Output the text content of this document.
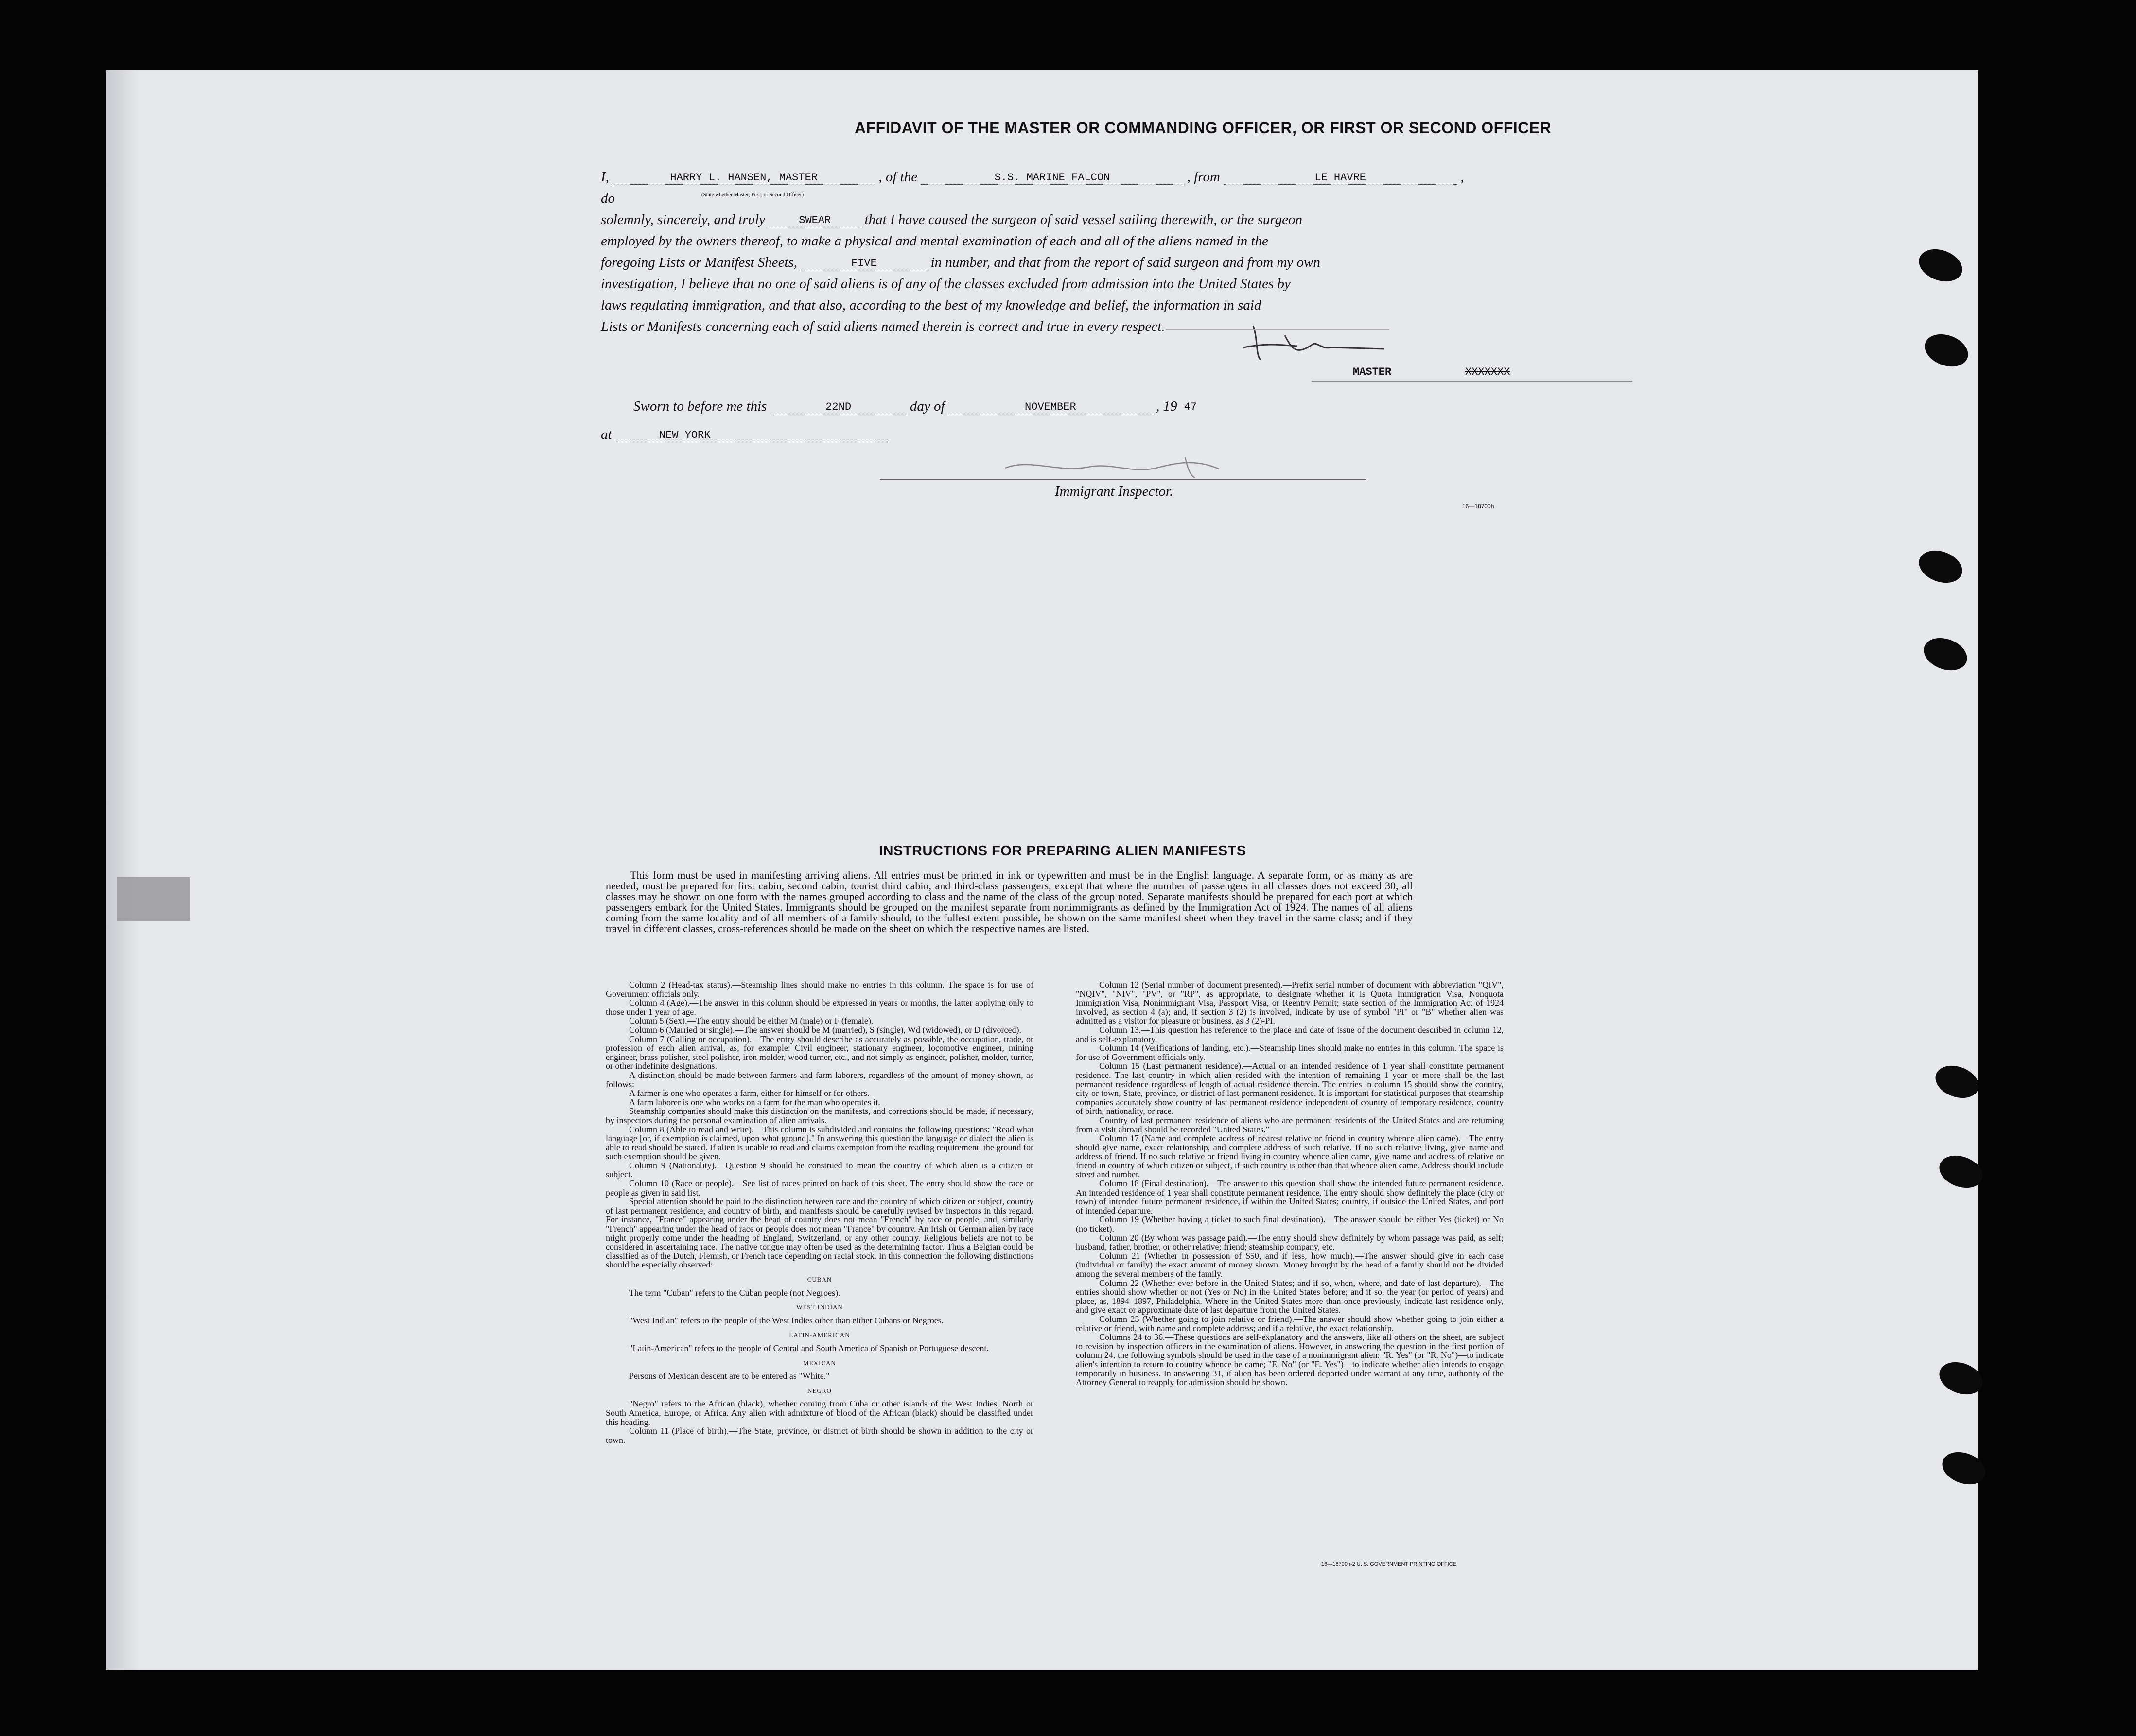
AFFIDAVIT OF THE MASTER OR COMMANDING OFFICER, OR FIRST OR SECOND OFFICER
I,	HARRY L. HANSEN, MASTER	, of the	S.S. MARINE FALCON	, from	LE HAVRE	, do
solemnly, sincerely, and truly	SWEAR that I have caused the surgeon of said vessel sailing therewith, or the surgeon
employed by the owners thereof, to make a physical and mental examination of each and all of the aliens named in the
foregoing Lists or Manifest Sheets,	FIVE	in number, and that from the report of said surgeon and from my own
investigation, I believe that no one of said aliens is of any of the classes excluded from admission into the United States by
laws regulating immigration, and that also, according to the best of my knowledge and belief, the information in said
Lists or Manifests concerning each of said aliens named therein is correct and true in every respect.
(State whether Master, First, or Second Officer)
MASTER	XXXXXXX
Sworn to before me this	22ND	day of	NOVEMBER	, 19 47
at	NEW YORK
Immigrant Inspector.
16—18700h
INSTRUCTIONS FOR PREPARING ALIEN MANIFESTS
This form must be used in manifesting arriving aliens. All entries must be printed in ink or typewritten and must be in the English language. A separate form, or as many as are needed, must be prepared for first cabin, second cabin, tourist third cabin, and third-class passengers, except that where the number of passengers in all classes does not exceed 30, all classes may be shown on one form with the names grouped according to class and the name of the class of the group noted. Separate manifests should be prepared for each port at which passengers embark for the United States. Immigrants should be grouped on the manifest separate from nonimmigrants as defined by the Immigration Act of 1924. The names of all aliens coming from the same locality and of all members of a family should, to the fullest extent possible, be shown on the same manifest sheet when they travel in the same class; and if they travel in different classes, cross-references should be made on the sheet on which the respective names are listed.

Column 2 (Head-tax status).—Steamship lines should make no entries in this column. The space is for use of Government officials only.

Column 4 (Age).—The answer in this column should be expressed in years or months, the latter applying only to those under 1 year of age.

Column 5 (Sex).—The entry should be either M (male) or F (female).

Column 6 (Married or single).—The answer should be M (married), S (single), Wd (widowed), or D (divorced).

Column 7 (Calling or occupation).—The entry should describe as accurately as possible, the occupation, trade, or profession of each alien arrival, as, for example: Civil engineer, stationary engineer, locomotive engineer, mining engineer, brass polisher, steel polisher, iron molder, wood turner, etc., and not simply as engineer, polisher, molder, turner, or other indefinite designations.

A distinction should be made between farmers and farm laborers, regardless of the amount of money shown, as follows:

A farmer is one who operates a farm, either for himself or for others.

A farm laborer is one who works on a farm for the man who operates it.

Steamship companies should make this distinction on the manifests, and corrections should be made, if necessary, by inspectors during the personal examination of alien arrivals.

Column 8 (Able to read and write).—This column is subdivided and contains the following questions: "Read what language [or, if exemption is claimed, upon what ground]." In answering this question the language or dialect the alien is able to read should be stated. If alien is unable to read and claims exemption from the reading requirement, the ground for such exemption should be given.

Column 9 (Nationality).—Question 9 should be construed to mean the country of which alien is a citizen or subject.

Column 10 (Race or people).—See list of races printed on back of this sheet. The entry should show the race or people as given in said list.

Special attention should be paid to the distinction between race and the country of which citizen or subject, country of last permanent residence, and country of birth, and manifests should be carefully revised by inspectors in this regard. For instance, "France" appearing under the head of country does not mean "French" by race or people, and, similarly "French" appearing under the head of race or people does not mean "France" by country. An Irish or German alien by race might properly come under the heading of England, Switzerland, or any other country. Religious beliefs are not to be considered in ascertaining race. The native tongue may often be used as the determining factor. Thus a Belgian could be classified as of the Dutch, Flemish, or French race depending on racial stock. In this connection the following distinctions should be especially observed:

CUBAN

The term "Cuban" refers to the Cuban people (not Negroes).

WEST INDIAN

"West Indian" refers to the people of the West Indies other than either Cubans or Negroes.

LATIN-AMERICAN

"Latin-American" refers to the people of Central and South America of Spanish or Portuguese descent.

MEXICAN

Persons of Mexican descent are to be entered as "White."

NEGRO

"Negro" refers to the African (black), whether coming from Cuba or other islands of the West Indies, North or South America, Europe, or Africa. Any alien with admixture of blood of the African (black) should be classified under this heading.

Column 11 (Place of birth).—The State, province, or district of birth should be shown in addition to the city or town.

Column 12 (Serial number of document presented).—Prefix serial number of document with abbreviation "QIV", "NQIV", "NIV", "PV", or "RP", as appropriate, to designate whether it is Quota Immigration Visa, Nonquota Immigration Visa, Nonimmigrant Visa, Passport Visa, or Reentry Permit; state section of the Immigration Act of 1924 involved, as section 4 (a); and, if section 3 (2) is involved, indicate by use of symbol "PI" or "B" whether alien was admitted as a visitor for pleasure or business, as 3 (2)-PI.

Column 13.—This question has reference to the place and date of issue of the document described in column 12, and is self-explanatory.

Column 14 (Verifications of landing, etc.).—Steamship lines should make no entries in this column. The space is for use of Government officials only.

Column 15 (Last permanent residence).—Actual or an intended residence of 1 year shall constitute permanent residence. The last country in which alien resided with the intention of remaining 1 year or more shall be the last permanent residence regardless of length of actual residence therein. The entries in column 15 should show the country, city or town, State, province, or district of last permanent residence. It is important for statistical purposes that steamship companies accurately show country of last permanent residence independent of country of temporary residence, country of birth, nationality, or race.

Country of last permanent residence of aliens who are permanent residents of the United States and are returning from a visit abroad should be recorded "United States."

Column 17 (Name and complete address of nearest relative or friend in country whence alien came).—The entry should give name, exact relationship, and complete address of such relative. If no such relative living, give name and address of friend. If no such relative or friend living in country whence alien came, give name and address of relative or friend in country of which citizen or subject, if such country is other than that whence alien came. Address should include street and number.

Column 18 (Final destination).—The answer to this question shall show the intended future permanent residence. An intended residence of 1 year shall constitute permanent residence. The entry should show definitely the place (city or town) of intended future permanent residence, if within the United States; country, if outside the United States, and port of intended departure.

Column 19 (Whether having a ticket to such final destination).—The answer should be either Yes (ticket) or No (no ticket).

Column 20 (By whom was passage paid).—The entry should show definitely by whom passage was paid, as self; husband, father, brother, or other relative; friend; steamship company, etc.

Column 21 (Whether in possession of $50, and if less, how much).—The answer should give in each case (individual or family) the exact amount of money shown. Money brought by the head of a family should not be divided among the several members of the family.

Column 22 (Whether ever before in the United States; and if so, when, where, and date of last departure).—The entries should show whether or not (Yes or No) in the United States before; and if so, the year (or period of years) and place, as, 1894–1897, Philadelphia. Where in the United States more than once previously, indicate last residence only, and give exact or approximate date of last departure from the United States.

Column 23 (Whether going to join relative or friend).—The answer should show whether going to join either a relative or friend, with name and complete address; and if a relative, the exact relationship.

Columns 24 to 36.—These questions are self-explanatory and the answers, like all others on the sheet, are subject to revision by inspection officers in the examination of aliens. However, in answering the question in the first portion of column 24, the following symbols should be used in the case of a nonimmigrant alien: "R. Yes" (or "R. No")—to indicate alien's intention to return to country whence he came; "E. No" (or "E. Yes")—to indicate whether alien intends to engage temporarily in business. In answering 31, if alien has been ordered deported under warrant at any time, authority of the Attorney General to reapply for admission should be shown.

16—18700h-2 U. S. GOVERNMENT PRINTING OFFICE
